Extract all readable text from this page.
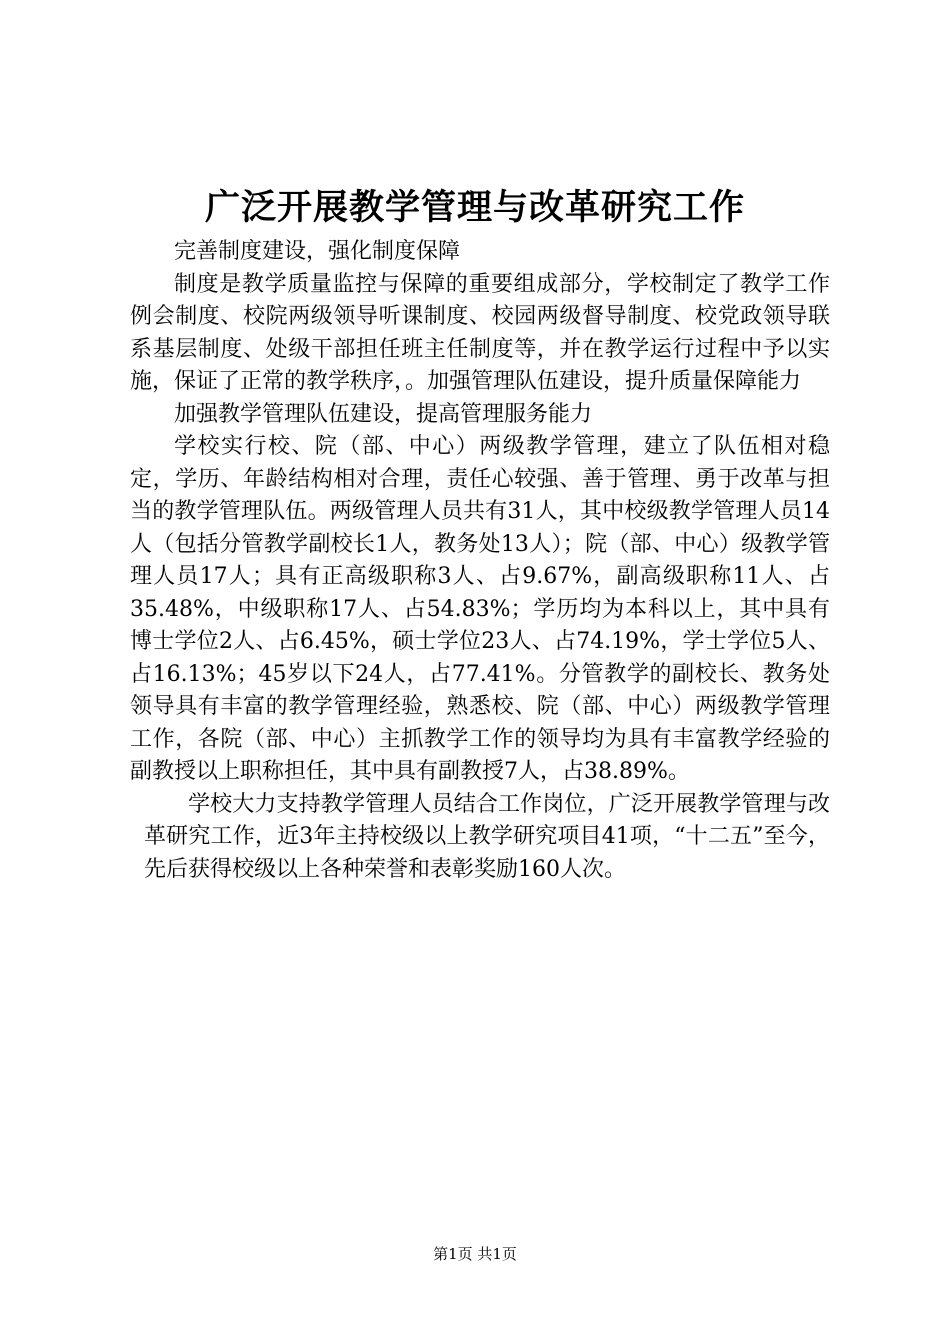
广泛开展教学管理与改革研究工作

完善制度建设，强化制度保障

制度是教学质量监控与保障的重要组成部分，学校制定了教学工作例会制度、校院两级领导听课制度、校园两级督导制度、校党政领导联系基层制度、处级干部担任班主任制度等，并在教学运行过程中予以实施，保证了正常的教学秩序，。加强管理队伍建设，提升质量保障能力

加强教学管理队伍建设，提高管理服务能力

学校实行校、院（部、中心）两级教学管理，建立了队伍相对稳定，学历、年龄结构相对合理，责任心较强、善于管理、勇于改革与担当的教学管理队伍。两级管理人员共有31人，其中校级教学管理人员14人（包括分管教学副校长1人，教务处13人）；院（部、中心）级教学管理人员17人；具有正高级职称3人、占9.67%，副高级职称11人、占35.48%，中级职称17人、占54.83%；学历均为本科以上，其中具有博士学位2人、占6.45%，硕士学位23人、占74.19%，学士学位5人、占16.13%；45岁以下24人，占77.41%。分管教学的副校长、教务处领导具有丰富的教学管理经验，熟悉校、院（部、中心）两级教学管理工作，各院（部、中心）主抓教学工作的领导均为具有丰富教学经验的副教授以上职称担任，其中具有副教授7人，占38.89%。

学校大力支持教学管理人员结合工作岗位，广泛开展教学管理与改革研究工作，近3年主持校级以上教学研究项目41项，“十二五”至今，先后获得校级以上各种荣誉和表彰奖励160人次。

第1页 共1页
